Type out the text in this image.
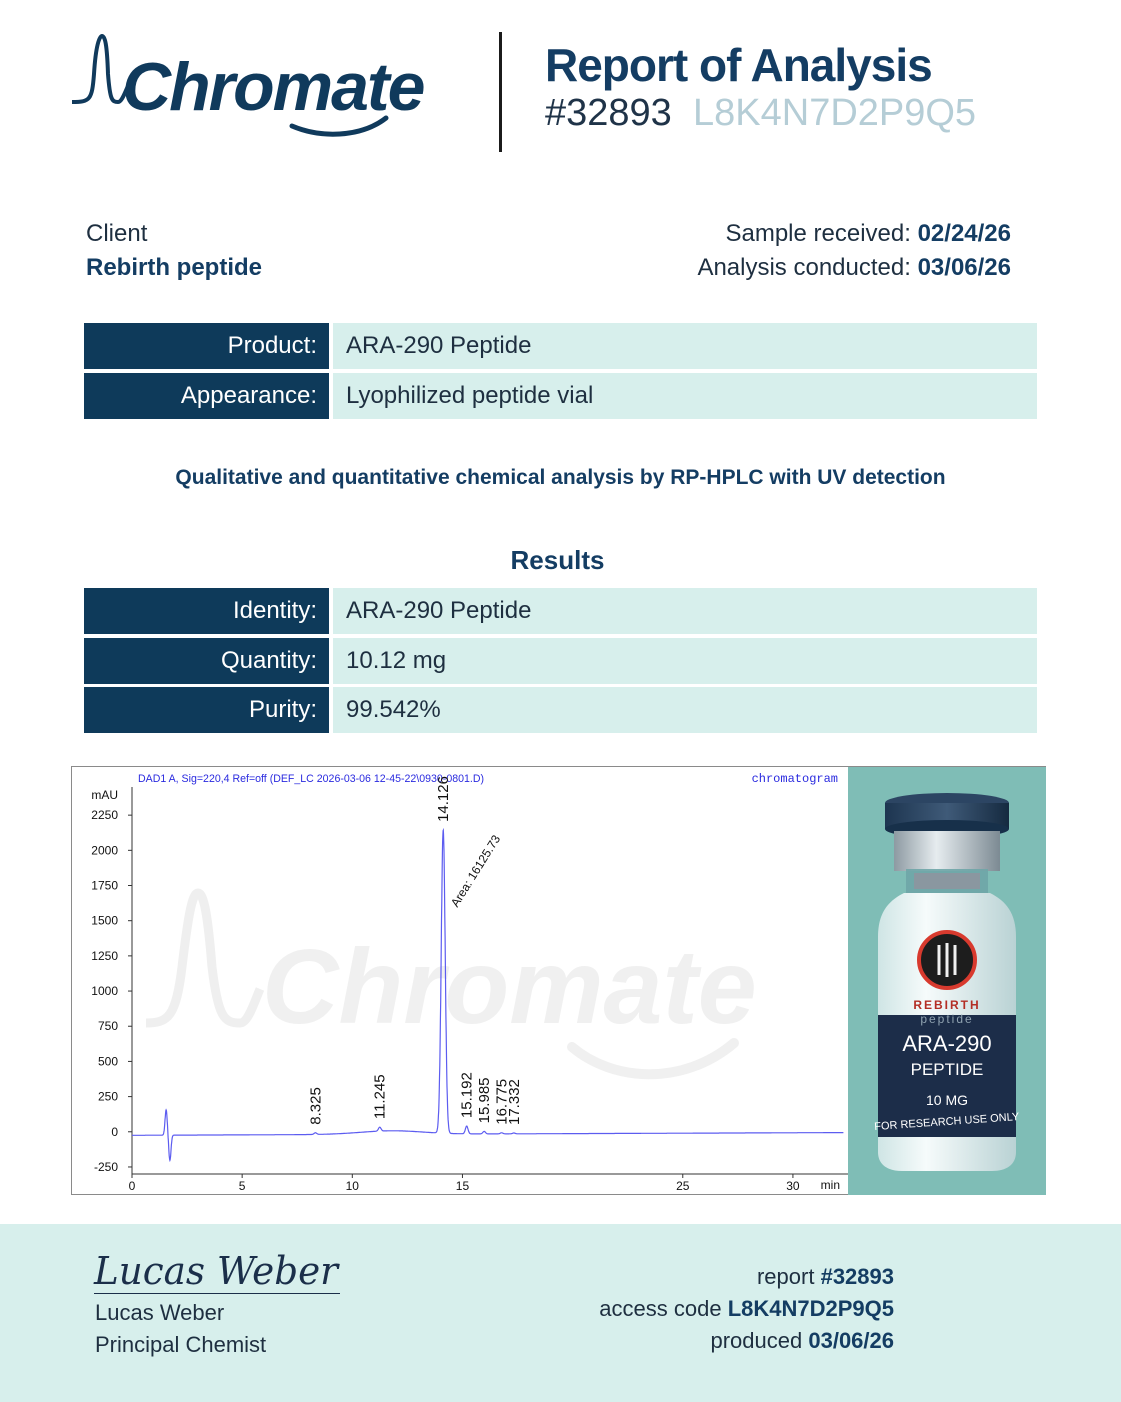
Chromate	Report of Analysis
#32893 L8K4N7D2P9Q5
Client
Rebirth peptide
Sample received: 02/24/26
Analysis conducted: 03/06/26
Product:	ARA-290 Peptide
Appearance:	Lyophilized peptide vial
Qualitative and quantitative chemical analysis by RP-HPLC with UV detection
Results
Identity:	ARA-290 Peptide
Quantity:	10.12 mg
Purity:	99.542%
Chromate
DAD1 A, Sig=220,4 Ref=off (DEF_LC 2026-03-06 12-45-22\0930-0801.D)	chromatogram
mAU
min
-250
0
250
500
750
1000
1250
1500
1750
2000
2250
0	5	10	15	25	30
8.325	11.245
14.126
Area: 16125.73
15.192 15.985 16.775
17.332
REBIRTH
peptide
ARA-290
PEPTIDE
10 MG
FOR RESEARCH USE ONLY
Lucas Weber
Lucas Weber
Principal Chemist
report #32893
access code L8K4N7D2P9Q5
produced 03/06/26
